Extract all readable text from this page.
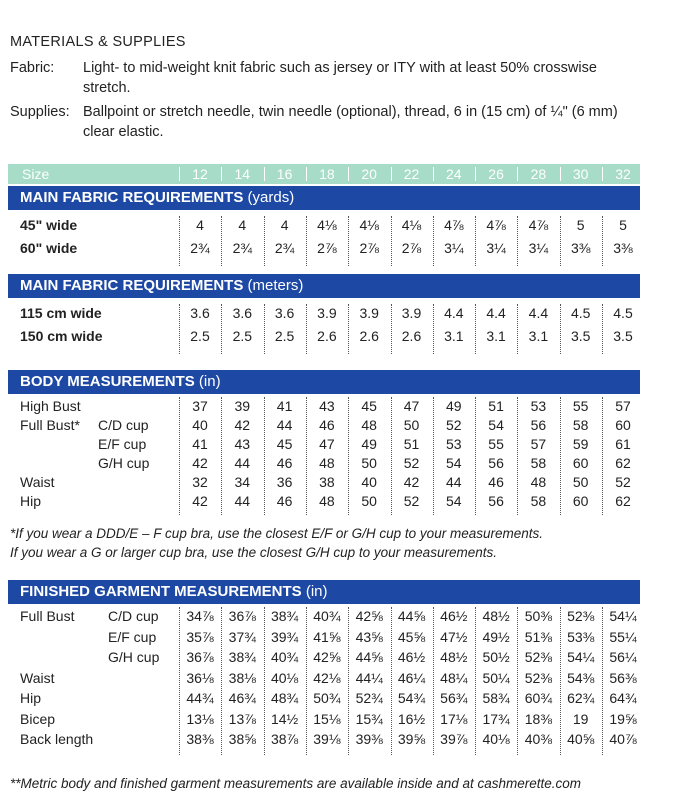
MATERIALS & SUPPLIES
Fabric: Light- to mid-weight knit fabric such as jersey or ITY with at least 50% crosswise stretch.
Supplies: Ballpoint or stretch needle, twin needle (optional), thread, 6 in (15 cm) of ¼" (6 mm) clear elastic.
Size	12	14	16	18	20	22	24	26	28	30	32
MAIN FABRIC REQUIREMENTS (yards)
MAIN FABRIC REQUIREMENTS (meters)
BODY MEASUREMENTS (in)
FINISHED GARMENT MEASUREMENTS (in)
45" wide	4	4	4	4⅛	4⅛	4⅛	4⅞	4⅞	4⅞	5	5
60" wide	2¾	2¾	2¾	2⅞	2⅞	2⅞	3¼	3¼	3¼	3⅜	3⅜
115 cm wide	3.6	3.6	3.6	3.9	3.9	3.9	4.4	4.4	4.4	4.5	4.5
150 cm wide	2.5	2.5	2.5	2.6	2.6	2.6	3.1	3.1	3.1	3.5	3.5
High Bust	37	39	41	43	45	47	49	51	53	55	57
Full Bust* C/D cup	40	42	44	46	48	50	52	54	56	58	60
E/F cup	41	43	45	47	49	51	53	55	57	59	61
G/H cup	42	44	46	48	50	52	54	56	58	60	62
Waist	32	34	36	38	40	42	44	46	48	50	52
Hip	42	44	46	48	50	52	54	56	58	60	62
Full Bust C/D cup	34⅞	36⅞	38¾	40¾	42⅝	44⅝	46½	48½	50⅜	52⅜	54¼
E/F cup	35⅞	37¾	39¾	41⅝	43⅝	45⅝	47½	49½	51⅜	53⅜	55¼
G/H cup	36⅞	38¾	40¾	42⅝	44⅝	46½	48½	50½	52⅜	54¼	56¼
Waist	36⅛	38⅛	40⅛	42⅛	44¼	46¼	48¼	50¼	52⅜	54⅜	56⅜
Hip	44¾	46¾	48¾	50¾	52¾	54¾	56¾	58¾	60¾	62¾	64¾
Bicep	13⅛	13⅞	14½	15⅛	15¾	16½	17⅛	17¾	18⅜	19	19⅝
Back length	38⅜	38⅝	38⅞	39⅛	39⅜	39⅝	39⅞	40⅛	40⅜	40⅝	40⅞
*If you wear a DDD/E – F cup bra, use the closest E/F or G/H cup to your measurements.
If you wear a G or larger cup bra, use the closest G/H cup to your measurements.
**Metric body and finished garment measurements are available inside and at cashmerette.com
